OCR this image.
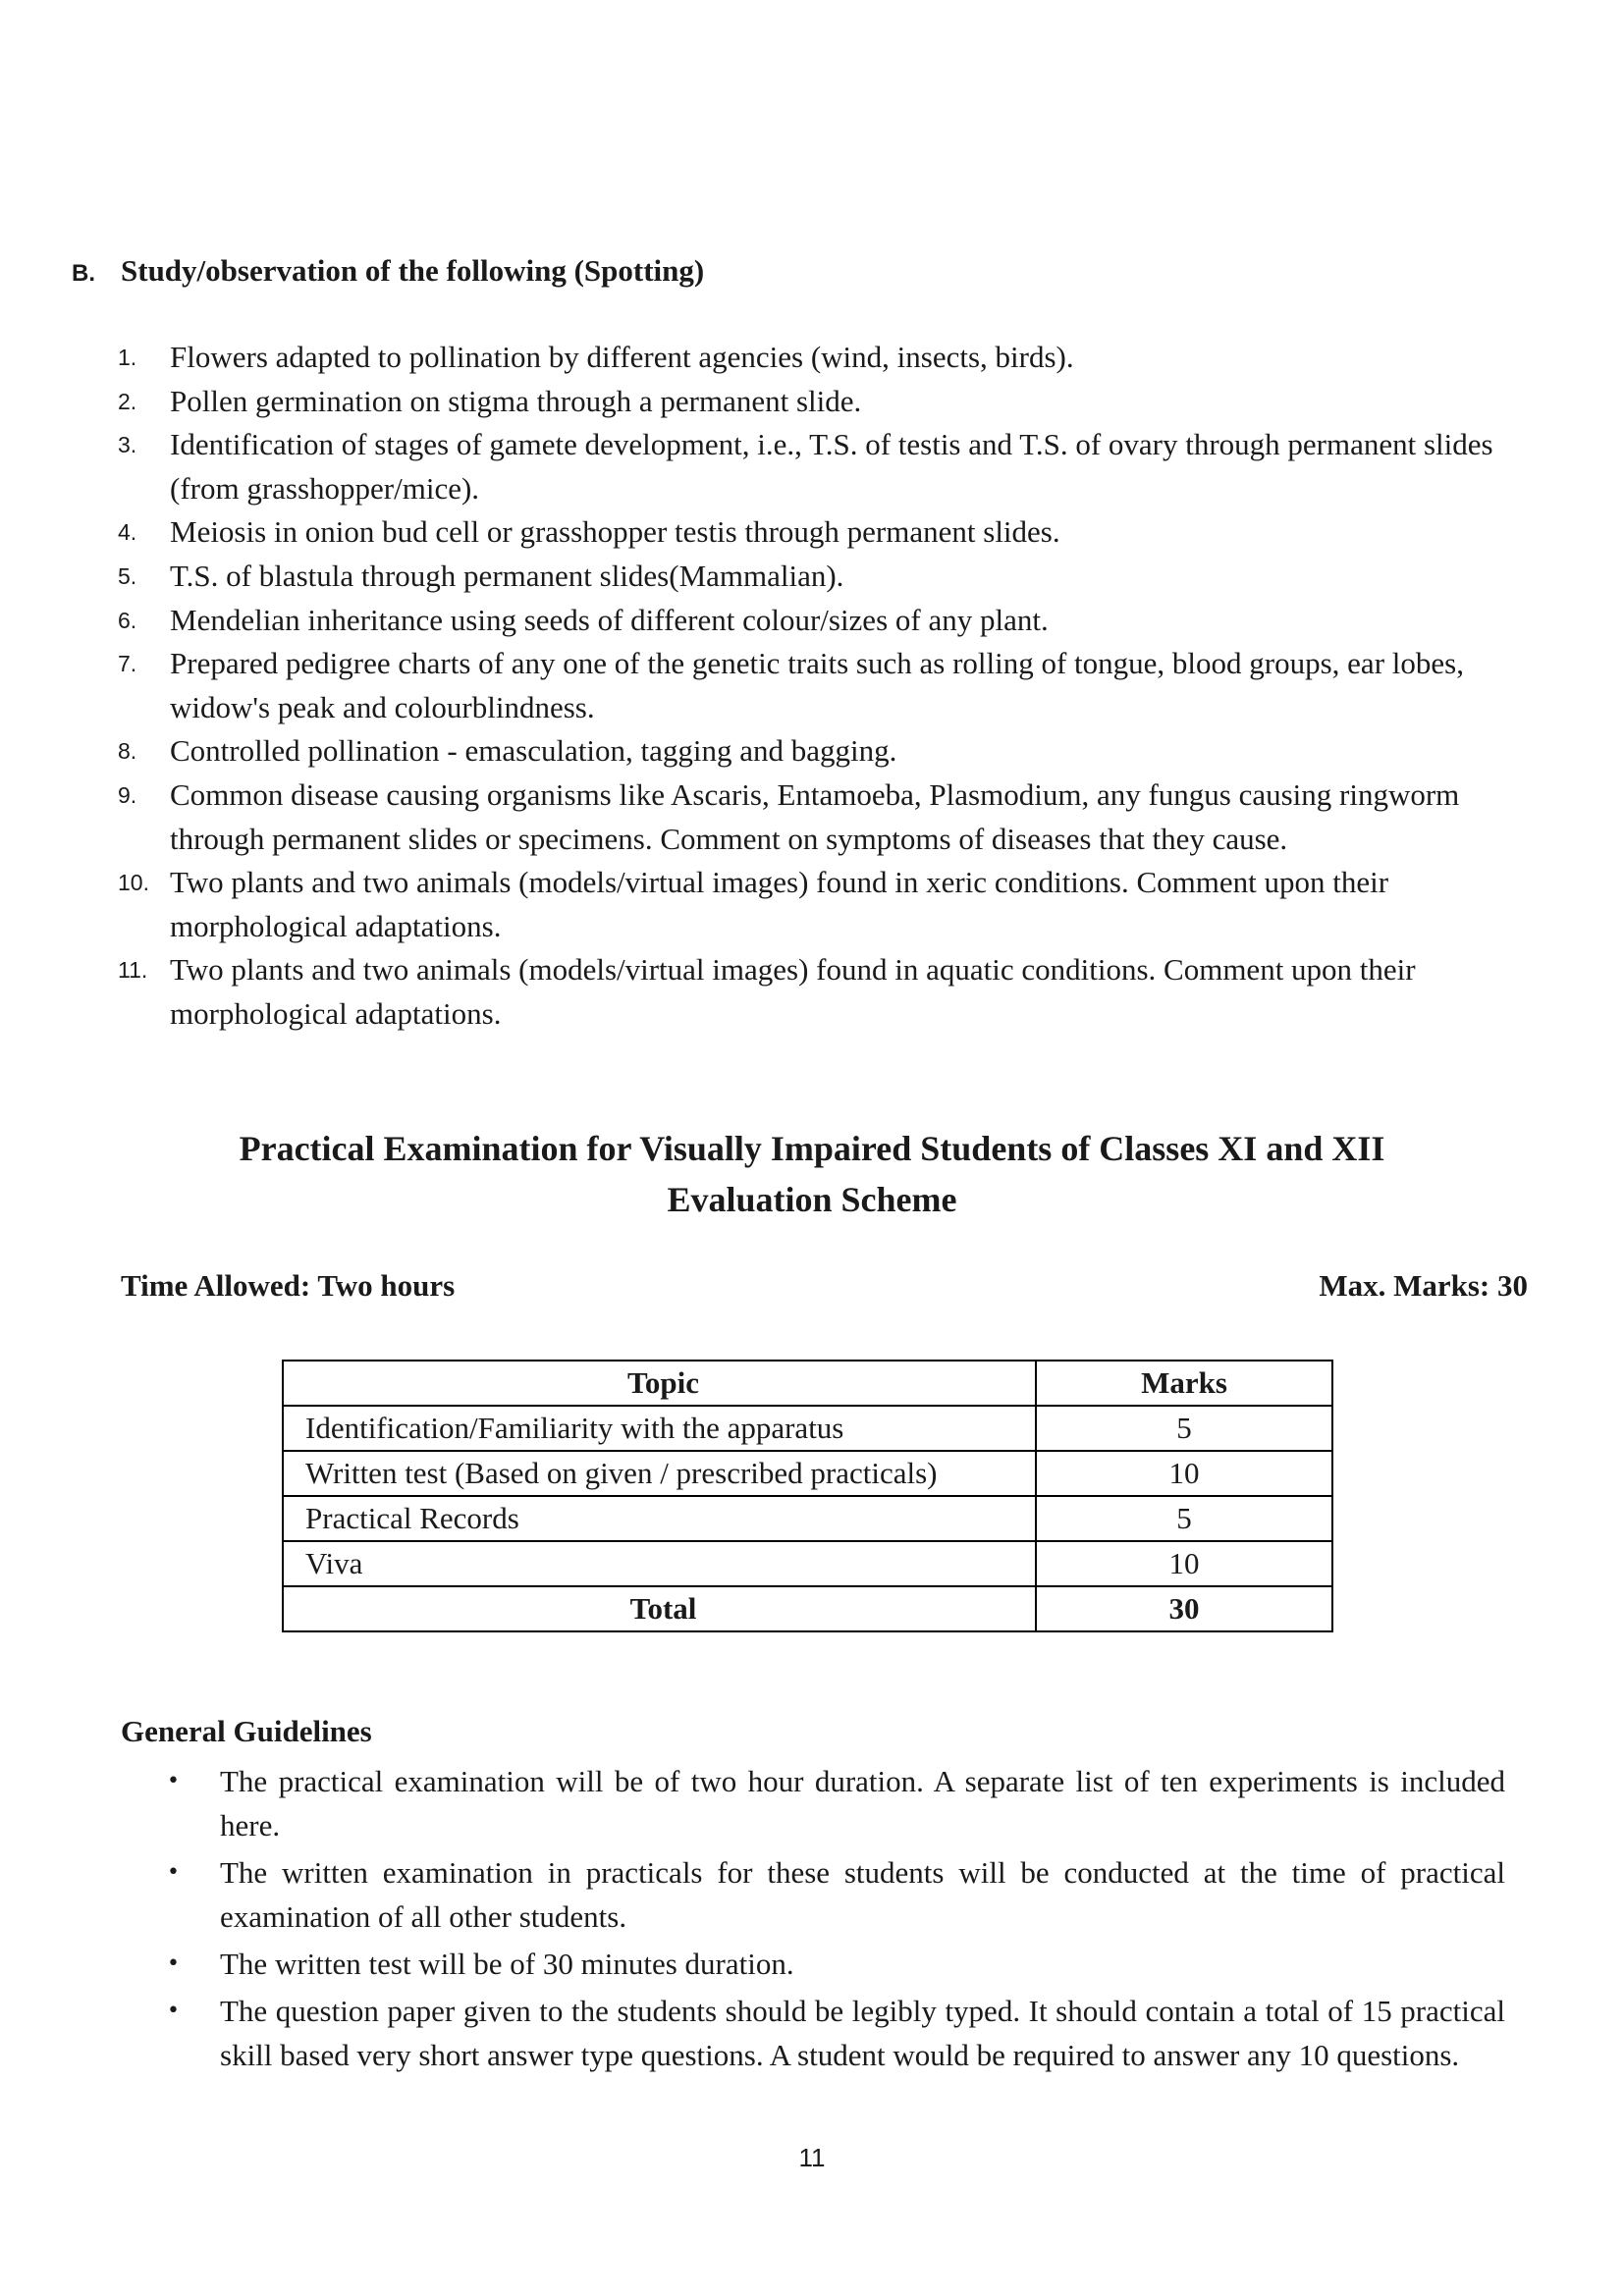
B. Study/observation of the following (Spotting)
1.	Flowers adapted to pollination by different agencies (wind, insects, birds).
2.	Pollen germination on stigma through a permanent slide.
3.	Identification of stages of gamete development, i.e., T.S. of testis and T.S. of ovary through permanent slides (from grasshopper/mice).
4.	Meiosis in onion bud cell or grasshopper testis through permanent slides.
5.	T.S. of blastula through permanent slides(Mammalian).
6.	Mendelian inheritance using seeds of different colour/sizes of any plant.
7.	Prepared pedigree charts of any one of the genetic traits such as rolling of tongue, blood groups, ear lobes, widow's peak and colourblindness.
8.	Controlled pollination - emasculation, tagging and bagging.
9.	Common disease causing organisms like Ascaris, Entamoeba, Plasmodium, any fungus causing ringworm through permanent slides or specimens. Comment on symptoms of diseases that they cause.
10. Two plants and two animals (models/virtual images) found in xeric conditions. Comment upon their morphological adaptations.
11. Two plants and two animals (models/virtual images) found in aquatic conditions. Comment upon their morphological adaptations.
Practical Examination for Visually Impaired Students of Classes XI and XII
Evaluation Scheme
Time Allowed: Two hours	Max. Marks: 30
Topic	Marks
Identification/Familiarity with the apparatus	5
Written test (Based on given / prescribed practicals)	10
Practical Records	5
Viva	10
Total	30
General Guidelines
• The practical examination will be of two hour duration. A separate list of ten experiments is included here.
• The written examination in practicals for these students will be conducted at the time of practical examination of all other students.
• The written test will be of 30 minutes duration.
• The question paper given to the students should be legibly typed. It should contain a total of 15 practical skill based very short answer type questions. A student would be required to answer any 10 questions.
11
